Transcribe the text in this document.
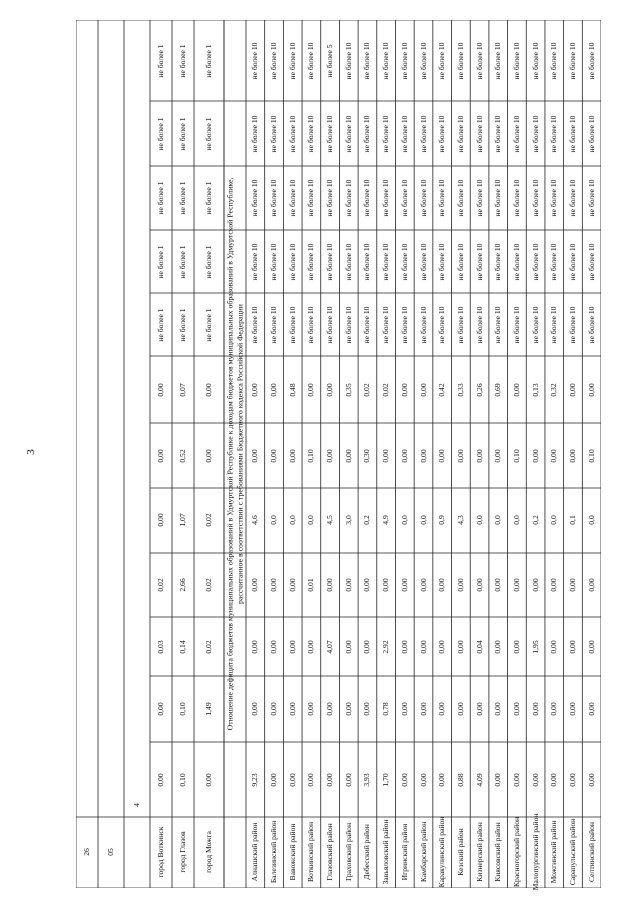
3
26 05
4
город Воткинск
0,00
0,00
0,00
0,02
0,03
0,00
0,00
не более 1
не более 1
не более 1
не более 1
не более 1
город Глазов
0,07
0,52
1,07
2,66
0,14
0,10
0,10
не более 1
не более 1
не более 1
не более 1
не более 1
город Можга
0,00
0,00
0,02
0,02
0,02
1,49
0,00
не более 1
не более 1
не более 1
не более 1
не более 1 Отношение дефицита бюджетов муниципальных образований в Удмуртской Республике к доходам бюджетов муниципальных образований в Удмуртской Республике, рассчитанное в соответствии с требованиями Бюджетного кодекса Российской Федерации
Алнашский район
0,00
0,00
4,6
0,00
0,00
0,00
9,23
не более 10
не более 10
не более 10
не более 10
не более 10
Балезинский район
0,00
0,00
0,0
0,00
0,00
0,00
0,00
не более 10
не более 10
не более 10
не более 10
не более 10
Вавожский район
0,48
0,00
0,0
0,00
0,00
0,00
0,00
не более 10
не более 10
не более 10
не более 10
не более 10
Воткинский район
0,00
0,10
0,0
0,01
0,00
0,00
0,00
не более 10
не более 10
не более 10
не более 10
не более 10
Глазовский район
0,00
0,00
4,5
0,00
4,07
0,00
0,00
не более 5
не более 10
не более 10
не более 10
не более 10
Граховский район
0,35
0,00
3,0
0,00
0,00
0,00
0,00
не более 10
не более 10
не более 10
не более 10
не более 10
Дебесский район
0,02
0,30
0,2
0,00
0,00
0,00
3,93
не более 10
не более 10
не более 10
не более 10
не более 10
Завьяловский район
0,02
0,00
4,9
0,00
2,92
0,78
1,70
не более 10
не более 10
не более 10
не более 10
не более 10
Игринский район
0,00
0,00
0,0
0,00
0,00
0,00
0,00
не более 10
не более 10
не более 10
не более 10
не более 10
Камбарский район
0,00
0,00
0,0
0,00
0,00
0,00
0,00
не более 10
не более 10
не более 10
не более 10
не более 10
Каракулинский район
0,42
0,00
0,9
0,00
0,00
0,00
0,00
не более 10
не более 10
не более 10
не более 10
не более 10
Кезский район
0,33
0,00
4,3
0,00
0,00
0,00
0,88
не более 10
не более 10
не более 10
не более 10
не более 10
Кизнерский район
0,26
0,00
0,0
0,00
0,04
0,00
4,09
не более 10
не более 10
не более 10
не более 10
не более 10
Киясовский район
0,69
0,00
0,0
0,00
0,00
0,00
0,00
не более 10
не более 10
не более 10
не более 10
не более 10
Красногорский район
0,00
0,10
0,0
0,00
0,00
0,00
0,00
не более 10
не более 10
не более 10
не более 10
не более 10
Малопургинский район
0,13
0,00
0,2
0,00
1,95
0,00
0,00
не более 10
не более 10
не более 10
не более 10
не более 10
Можгинский район
0,32
0,00
0,0
0,00
0,00
0,00
0,00
не более 10
не более 10
не более 10
не более 10
не более 10
Сарапульский район
0,00
0,00
0,1
0,00
0,00
0,00
0,00
не более 10
не более 10
не более 10
не более 10
не более 10
Селтинский район
0,00
0,10
0,0
0,00
0,00
0,00
0,00
не более 10
не более 10
не более 10
не более 10
не более 10
